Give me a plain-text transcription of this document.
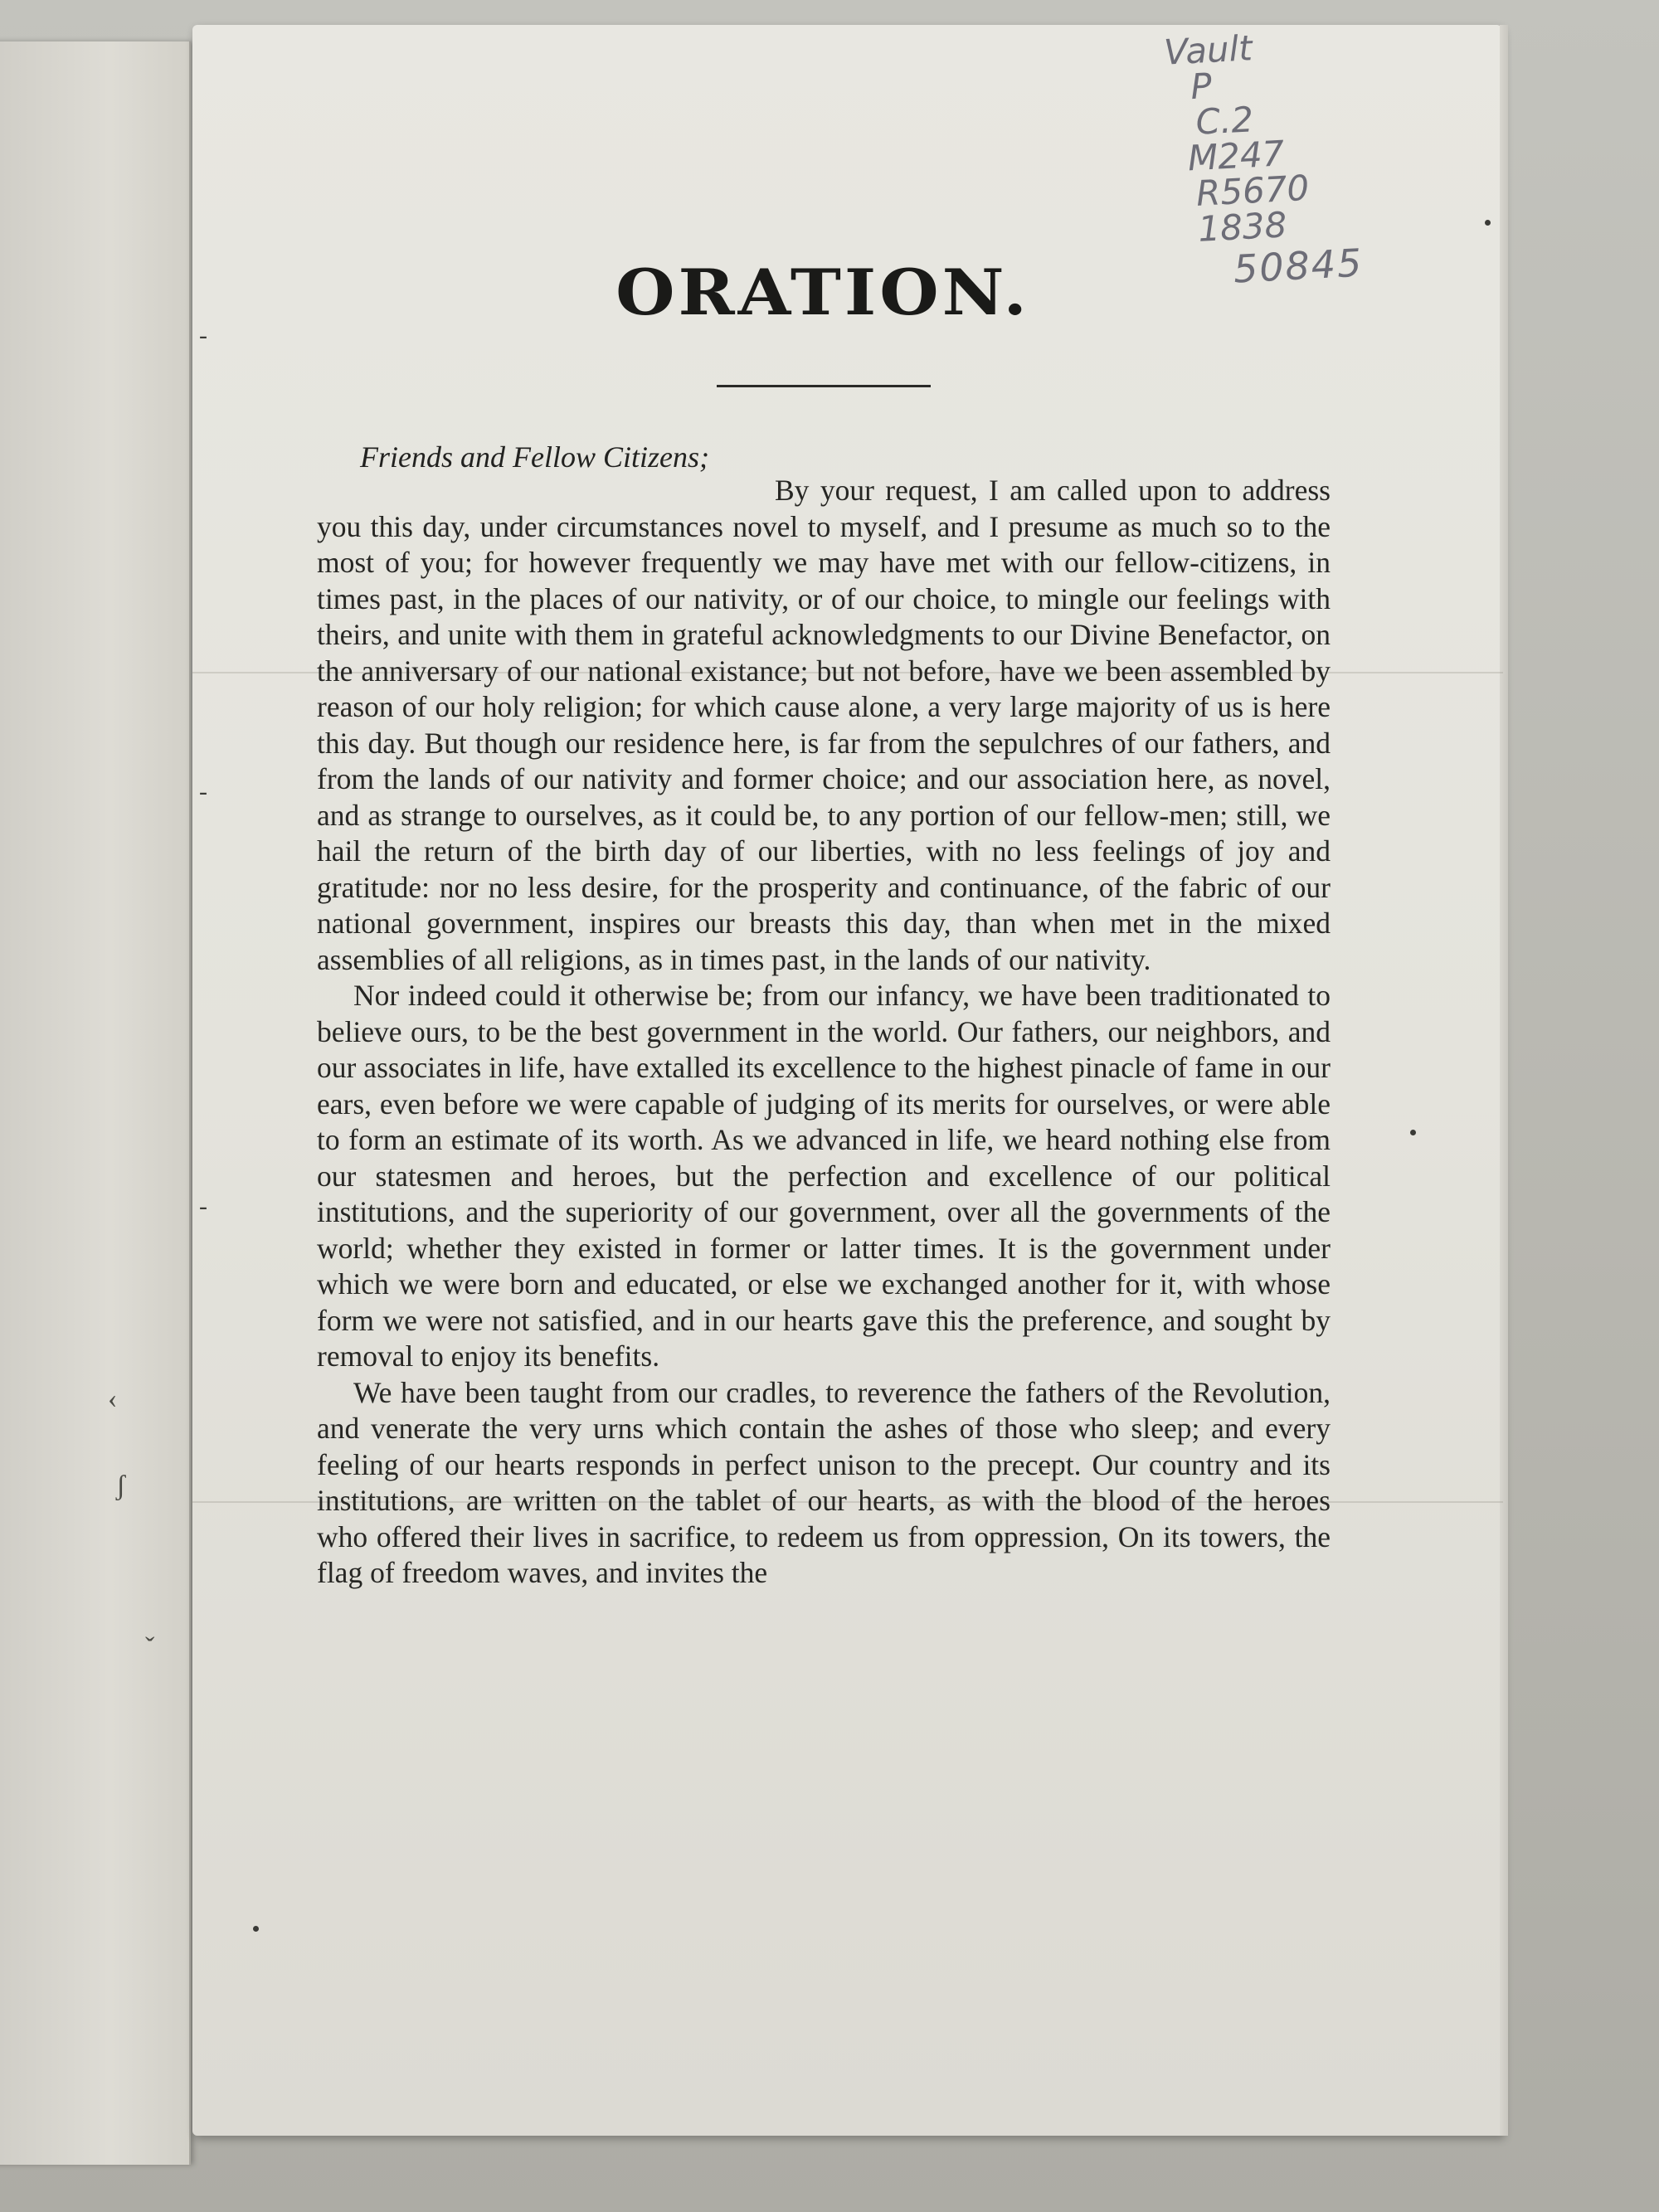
‹
ʃ
ˇ
Vault
P
C.2
M247
R5670
1838
50845
ORATION.
Friends and Fellow Citizens;

By your request, I am called upon to address you this day, under circumstances novel to myself, and I presume as much so to the most of you; for however frequently we may have met with our fellow-citizens, in times past, in the places of our nativity, or of our choice, to mingle our feelings with theirs, and unite with them in grateful acknowledgments to our Divine Benefactor, on the anniversary of our national existance; but not before, have we been assembled by reason of our holy religion; for which cause alone, a very large majority of us is here this day. But though our residence here, is far from the sepulchres of our fathers, and from the lands of our nativity and former choice; and our association here, as novel, and as strange to ourselves, as it could be, to any portion of our fellow-men; still, we hail the return of the birth day of our liberties, with no less feelings of joy and gratitude: nor no less desire, for the prosperity and continuance, of the fabric of our national government, inspires our breasts this day, than when met in the mixed assemblies of all religions, as in times past, in the lands of our nativity.

Nor indeed could it otherwise be; from our infancy, we have been traditionated to believe ours, to be the best government in the world. Our fathers, our neighbors, and our associates in life, have extalled its excellence to the highest pinacle of fame in our ears, even before we were capable of judging of its merits for ourselves, or were able to form an estimate of its worth. As we advanced in life, we heard nothing else from our statesmen and heroes, but the perfection and excellence of our political institutions, and the superiority of our government, over all the governments of the world; whether they existed in former or latter times. It is the government under which we were born and educated, or else we exchanged another for it, with whose form we were not satisfied, and in our hearts gave this the preference, and sought by removal to enjoy its benefits.

We have been taught from our cradles, to reverence the fathers of the Revolution, and venerate the very urns which contain the ashes of those who sleep; and every feeling of our hearts responds in perfect unison to the precept. Our country and its institutions, are written on the tablet of our hearts, as with the blood of the heroes who offered their lives in sacrifice, to redeem us from oppression, On its towers, the flag of freedom waves, and invites the

-
-
-
